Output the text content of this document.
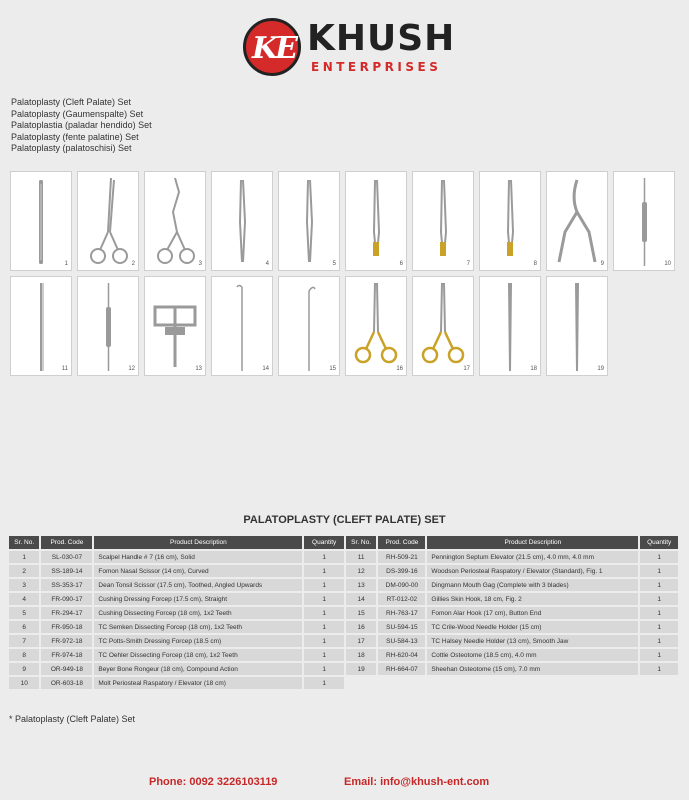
KE KHUSH
ENTERPRISES
Palatoplasty (Cleft Palate) Set
Palatoplasty (Gaumenspalte) Set
Palatoplastia (paladar hendido) Set
Palatoplasty (fente palatine) Set
Palatoplasty (palatoschisi) Set
1	2	3	4	5	6	7	8	9	10
11	12	13	14	15	16	17	18	19
PALATOPLASTY (CLEFT PALATE) SET
Sr. No.	Prod. Code	Product Description	Quantity	Sr. No.	Prod. Code	Product Description	Quantity
1	SL-030-07	Scalpel Handle # 7 (16 cm), Solid	1	11	RH-509-21	Pennington Septum Elevator (21.5 cm), 4.0 mm, 4.0 mm	1
2	SS-189-14	Fomon Nasal Scissor (14 cm), Curved	1	12	DS-399-16	Woodson Periosteal Raspatory / Elevator (Standard), Fig. 1	1
3	SS-353-17	Dean Tonsil Scissor (17.5 cm), Toothed, Angled Upwards	1	13	DM-090-00	Dingmann Mouth Gag (Complete with 3 blades)	1
4	FR-090-17	Cushing Dressing Forcep (17.5 cm), Straight	1	14	RT-012-02	Gillies Skin Hook, 18 cm, Fig. 2	1
5	FR-294-17	Cushing Dissecting Forcep (18 cm), 1x2 Teeth	1	15	RH-763-17	Fomon Alar Hook (17 cm), Button End	1
6	FR-950-18	TC Semken Dissecting Forcep (18 cm), 1x2 Teeth	1	16	SU-594-15	TC Crile-Wood Needle Holder (15 cm)	1
7	FR-972-18	TC Potts-Smith Dressing Forcep (18.5 cm)	1	17	SU-584-13	TC Halsey Needle Holder (13 cm), Smooth Jaw	1
8	FR-974-18	TC Oehler Dissecting Forcep (18 cm), 1x2 Teeth	1	18	RH-620-04	Cottle Osteotome (18.5 cm), 4.0 mm	1
9	OR-949-18	Beyer Bone Rongeur (18 cm), Compound Action	1	19	RH-664-07	Sheehan Osteotome (15 cm), 7.0 mm	1
10	OR-603-18	Molt Periosteal Raspatory / Elevator (18 cm)	1				
* Palatoplasty (Cleft Palate) Set
Phone: 0092 3226103119	Email: info@khush-ent.com
